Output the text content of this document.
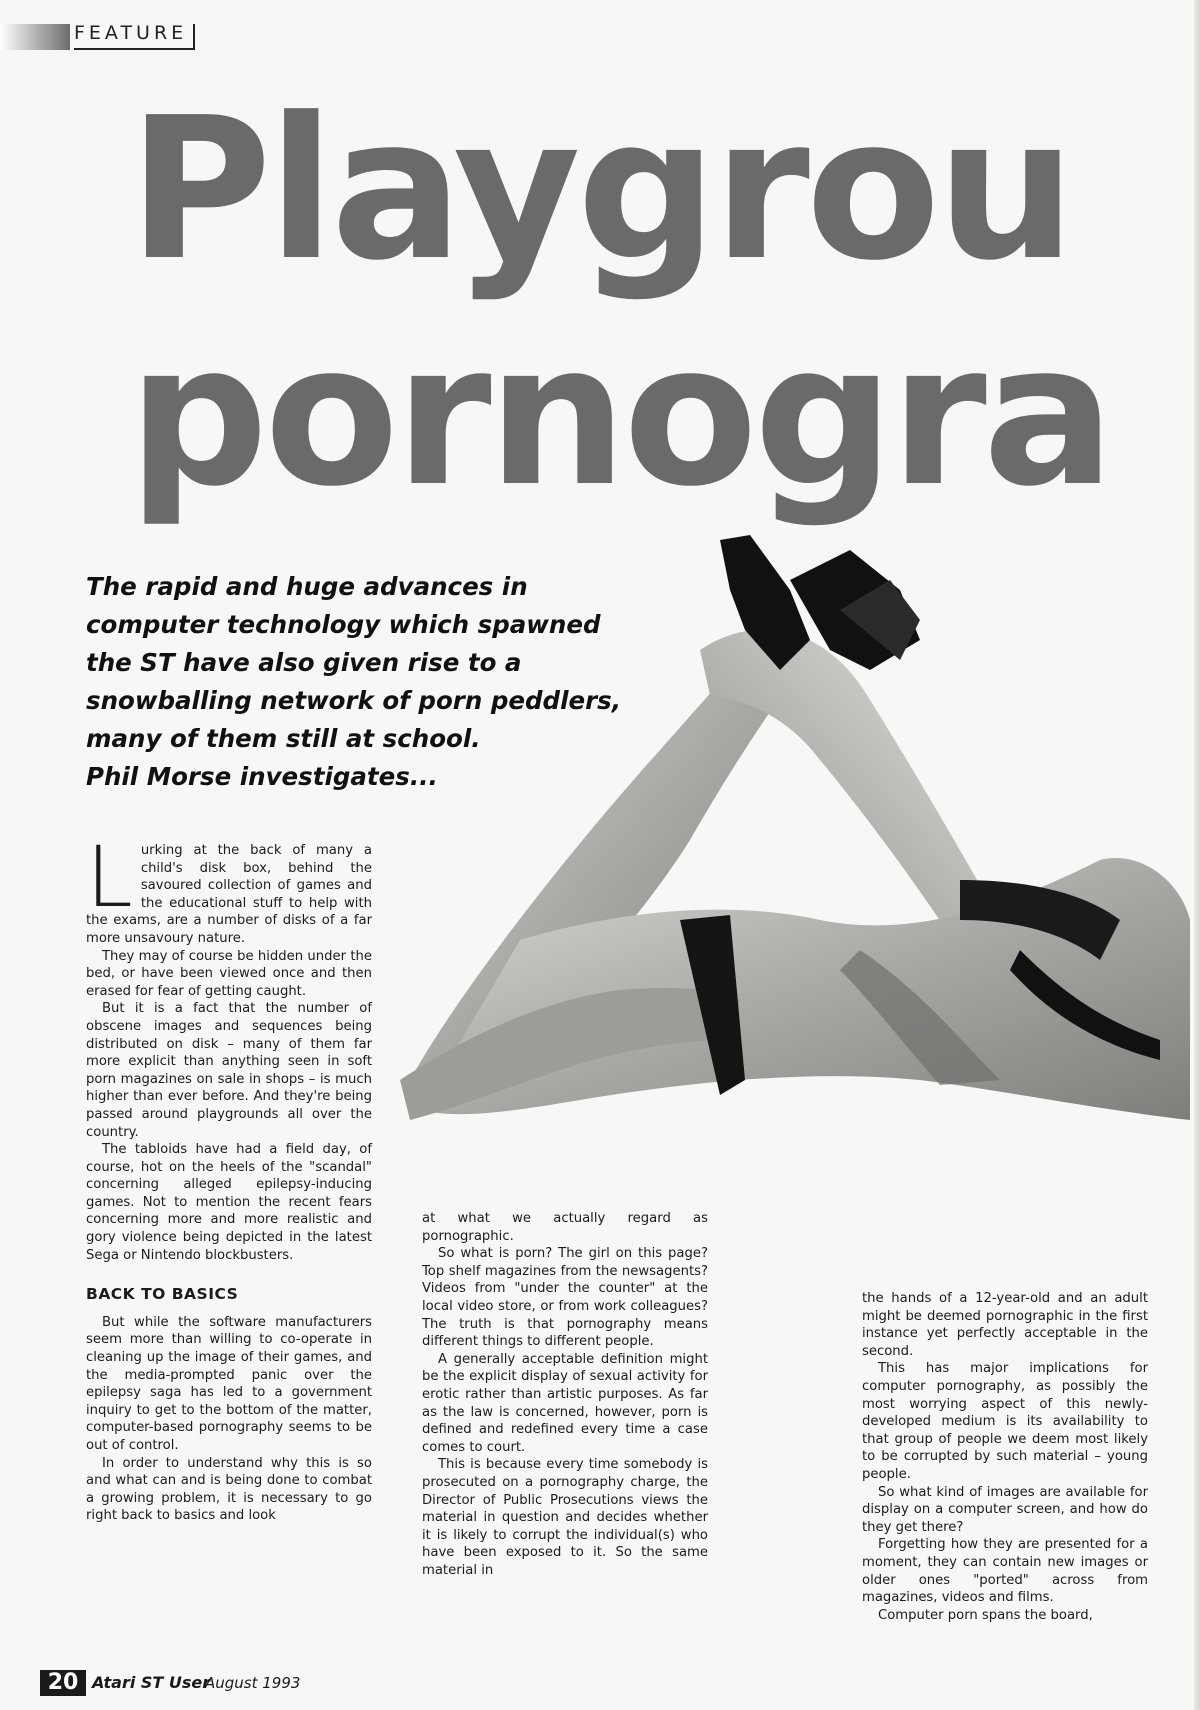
FEATURE
Playgrou
pornogra
The rapid and huge advances in
computer technology which spawned
the ST have also given rise to a
snowballing network of porn peddlers,
many of them still at school.
Phil Morse investigates...

Lurking at the back of many a child's disk box, behind the savoured collection of games and the educational stuff to help with the exams, are a number of disks of a far more unsavoury nature.

They may of course be hidden under the bed, or have been viewed once and then erased for fear of getting caught.

But it is a fact that the number of obscene images and sequences being distributed on disk – many of them far more explicit than anything seen in soft porn magazines on sale in shops – is much higher than ever before. And they're being passed around playgrounds all over the country.

The tabloids have had a field day, of course, hot on the heels of the "scandal" concerning alleged epilepsy-inducing games. Not to mention the recent fears concerning more and more realistic and gory violence being depicted in the latest Sega or Nintendo blockbusters.

BACK TO BASICS

But while the software manufacturers seem more than willing to co-operate in cleaning up the image of their games, and the media-prompted panic over the epilepsy saga has led to a government inquiry to get to the bottom of the matter, computer-based pornography seems to be out of control.

In order to understand why this is so and what can and is being done to combat a growing problem, it is necessary to go right back to basics and look

at what we actually regard as pornographic.

So what is porn? The girl on this page? Top shelf magazines from the newsagents? Videos from "under the counter" at the local video store, or from work colleagues? The truth is that pornography means different things to different people.

A generally acceptable definition might be the explicit display of sexual activity for erotic rather than artistic purposes. As far as the law is concerned, however, porn is defined and redefined every time a case comes to court.

This is because every time somebody is prosecuted on a pornography charge, the Director of Public Prosecutions views the material in question and decides whether it is likely to corrupt the individual(s) who have been exposed to it. So the same material in

the hands of a 12-year-old and an adult might be deemed pornographic in the first instance yet perfectly acceptable in the second.

This has major implications for computer pornography, as possibly the most worrying aspect of this newly-developed medium is its availability to that group of people we deem most likely to be corrupted by such material – young people.

So what kind of images are available for display on a computer screen, and how do they get there?

Forgetting how they are presented for a moment, they can contain new images or older ones "ported" across from magazines, videos and films.

Computer porn spans the board,

20 Atari ST User
August 1993
